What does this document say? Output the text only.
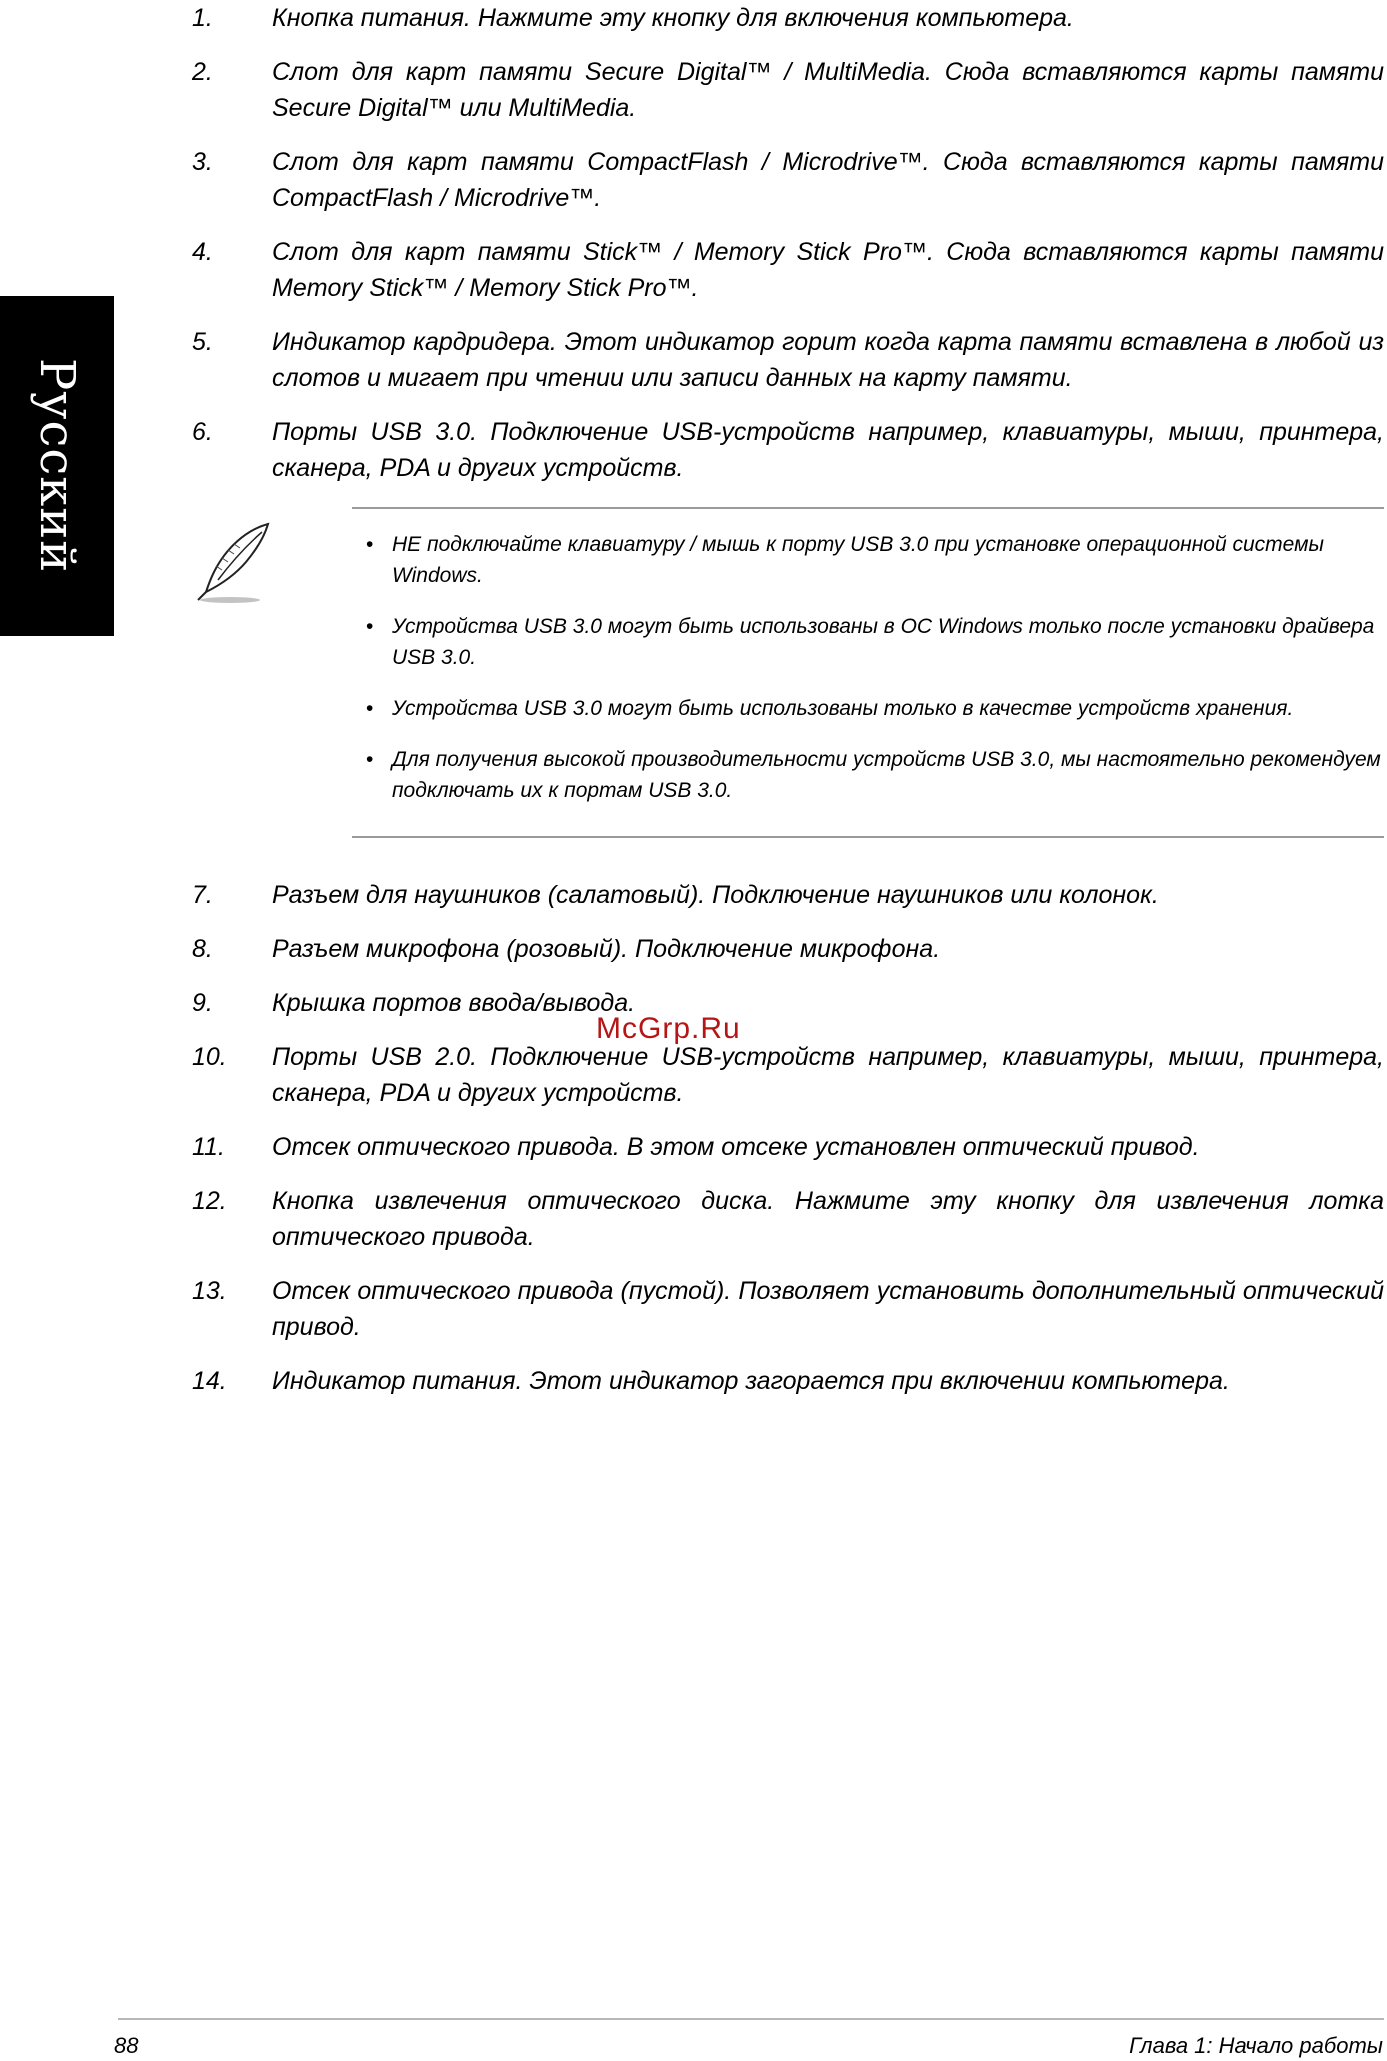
Русский
1. Кнопка питания. Нажмите эту кнопку для включения компьютера.
2. Слот для карт памяти Secure Digital™ / MultiMedia. Сюда вставляются карты памяти Secure Digital™ или MultiMedia.
3. Слот для карт памяти CompactFlash / Microdrive™. Сюда вставляются карты памяти CompactFlash / Microdrive™.
4. Слот для карт памяти Stick™ / Memory Stick Pro™. Сюда вставляются карты памяти Memory Stick™ / Memory Stick Pro™.
5. Индикатор кардридера. Этот индикатор горит когда карта памяти вставлена в любой из слотов и мигает при чтении или записи данных на карту памяти.
6. Порты USB 3.0. Подключение USB-устройств например, клавиатуры, мыши, принтера, сканера, PDA и других устройств.
• НЕ подключайте клавиатуру / мышь к порту USB 3.0 при установке операционной системы Windows.
• Устройства USB 3.0 могут быть использованы в ОС Windows только после установки драйвера USB 3.0.
• Устройства USB 3.0 могут быть использованы только в качестве устройств хранения.
• Для получения высокой производительности устройств USB 3.0, мы настоятельно рекомендуем подключать их к портам USB 3.0.
7. Разъем для наушников (салатовый). Подключение наушников или колонок.
8. Разъем микрофона (розовый). Подключение микрофона.
9. Крышка портов ввода/вывода.
10. Порты USB 2.0. Подключение USB-устройств например, клавиатуры, мыши, принтера, сканера, PDA и других устройств.
11. Отсек оптического привода. В этом отсеке установлен оптический привод.
12. Кнопка извлечения оптического диска. Нажмите эту кнопку для извлечения лотка оптического привода.
13. Отсек оптического привода (пустой). Позволяет установить дополнительный оптический привод.
14. Индикатор питания. Этот индикатор загорается при включении компьютера.
McGrp.Ru
88	Глава 1: Начало работы
